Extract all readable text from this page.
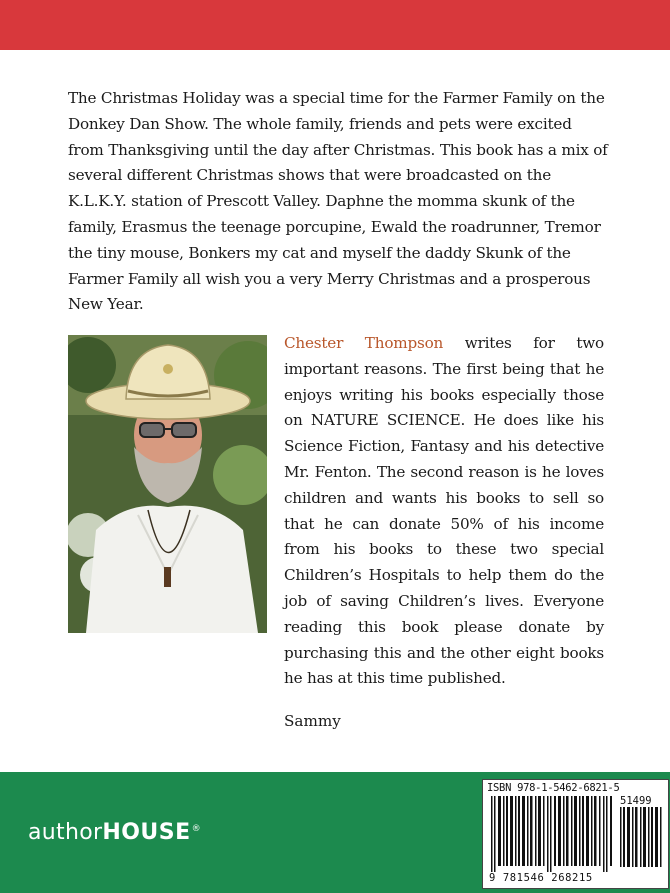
The Christmas Holiday was a special time for the Farmer Family on the Donkey Dan Show. The whole family, friends and pets were excited from Thanksgiving until the day after Christmas. This book has a mix of several different Christmas shows that were broadcasted on the K.L.K.Y. station of Prescott Valley. Daphne the momma skunk of the family, Erasmus the teenage porcupine, Ewald the roadrunner, Tremor the tiny mouse, Bonkers my cat and myself the daddy Skunk of the Farmer Family all wish you a very Merry Christmas and a prosperous New Year.

Chester Thompson writes for two important reasons. The first being that he enjoys writing his books especially those on NATURE SCIENCE. He does like his Science Fiction, Fantasy and his detective Mr. Fenton. The second reason is he loves children and wants his books to sell so that he can donate 50% of his income from his books to these two special Children’s Hospitals to help them do the job of saving Children’s lives. Everyone reading this book please donate by purchasing this and the other eight books he has at this time published.

Sammy

authorHOUSE®
ISBN 978-1-5462-6821-5
51499
9 781546 268215
